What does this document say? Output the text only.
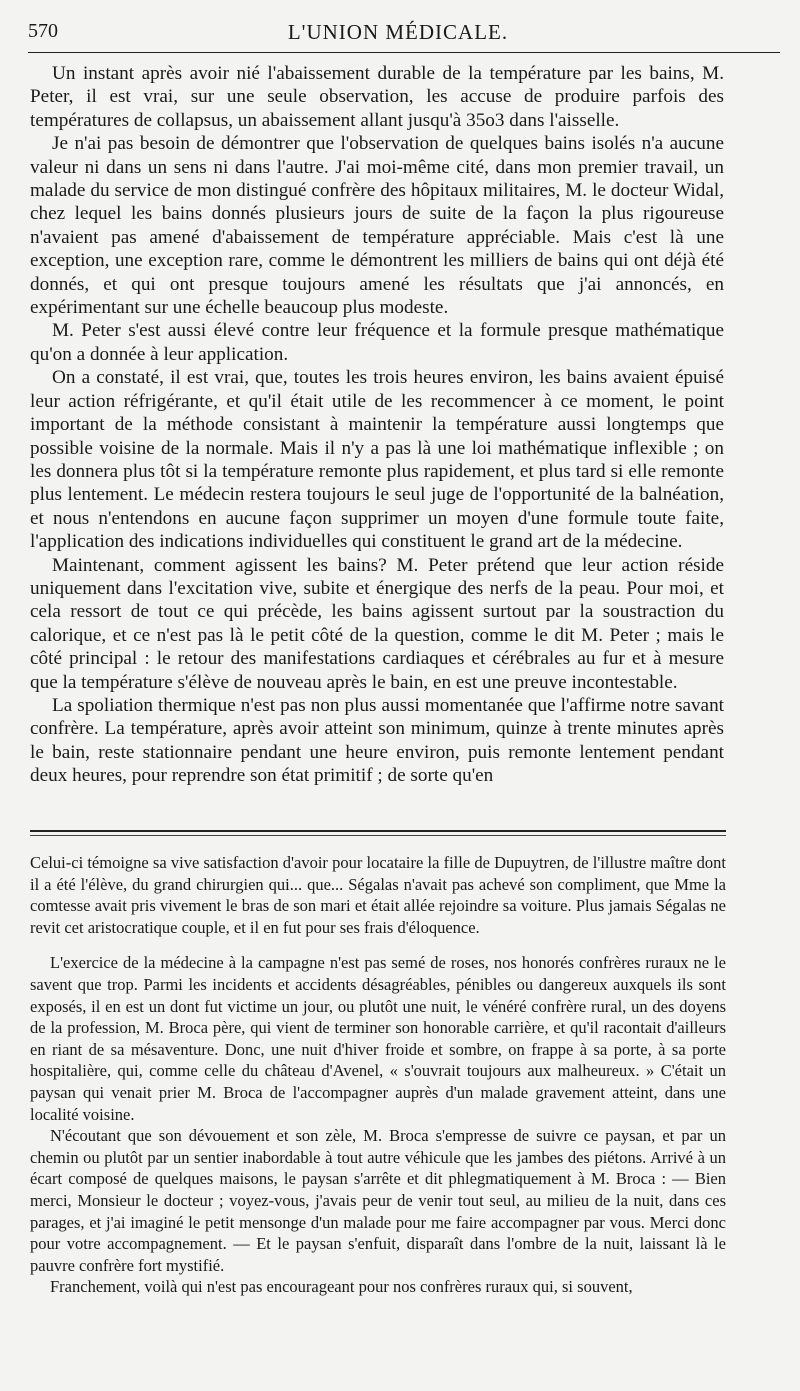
570	L'UNION MÉDICALE.

Un instant après avoir nié l'abaissement durable de la température par les bains, M. Peter, il est vrai, sur une seule observation, les accuse de produire parfois des températures de collapsus, un abaissement allant jusqu'à 35o3 dans l'aisselle.

Je n'ai pas besoin de démontrer que l'observation de quelques bains isolés n'a aucune valeur ni dans un sens ni dans l'autre. J'ai moi-même cité, dans mon premier travail, un malade du service de mon distingué confrère des hôpitaux militaires, M. le docteur Widal, chez lequel les bains donnés plusieurs jours de suite de la façon la plus rigoureuse n'avaient pas amené d'abaissement de température appréciable. Mais c'est là une exception, une exception rare, comme le démontrent les milliers de bains qui ont déjà été donnés, et qui ont presque toujours amené les résultats que j'ai annoncés, en expérimentant sur une échelle beaucoup plus modeste.

M. Peter s'est aussi élevé contre leur fréquence et la formule presque mathématique qu'on a donnée à leur application.

On a constaté, il est vrai, que, toutes les trois heures environ, les bains avaient épuisé leur action réfrigérante, et qu'il était utile de les recommencer à ce moment, le point important de la méthode consistant à maintenir la température aussi longtemps que possible voisine de la normale. Mais il n'y a pas là une loi mathématique inflexible ; on les donnera plus tôt si la température remonte plus rapidement, et plus tard si elle remonte plus lentement. Le médecin restera toujours le seul juge de l'opportunité de la balnéation, et nous n'entendons en aucune façon supprimer un moyen d'une formule toute faite, l'application des indications individuelles qui constituent le grand art de la médecine.

Maintenant, comment agissent les bains? M. Peter prétend que leur action réside uniquement dans l'excitation vive, subite et énergique des nerfs de la peau. Pour moi, et cela ressort de tout ce qui précède, les bains agissent surtout par la soustraction du calorique, et ce n'est pas là le petit côté de la question, comme le dit M. Peter ; mais le côté principal : le retour des manifestations cardiaques et cérébrales au fur et à mesure que la température s'élève de nouveau après le bain, en est une preuve incontestable.

La spoliation thermique n'est pas non plus aussi momentanée que l'affirme notre savant confrère. La température, après avoir atteint son minimum, quinze à trente minutes après le bain, reste stationnaire pendant une heure environ, puis remonte lentement pendant deux heures, pour reprendre son état primitif ; de sorte qu'en

Celui-ci témoigne sa vive satisfaction d'avoir pour locataire la fille de Dupuytren, de l'illustre maître dont il a été l'élève, du grand chirurgien qui... que... Ségalas n'avait pas achevé son compliment, que Mme la comtesse avait pris vivement le bras de son mari et était allée rejoindre sa voiture. Plus jamais Ségalas ne revit cet aristocratique couple, et il en fut pour ses frais d'éloquence.

L'exercice de la médecine à la campagne n'est pas semé de roses, nos honorés confrères ruraux ne le savent que trop. Parmi les incidents et accidents désagréables, pénibles ou dangereux auxquels ils sont exposés, il en est un dont fut victime un jour, ou plutôt une nuit, le vénéré confrère rural, un des doyens de la profession, M. Broca père, qui vient de terminer son honorable carrière, et qu'il racontait d'ailleurs en riant de sa mésaventure. Donc, une nuit d'hiver froide et sombre, on frappe à sa porte, à sa porte hospitalière, qui, comme celle du château d'Avenel, « s'ouvrait toujours aux malheureux. » C'était un paysan qui venait prier M. Broca de l'accompagner auprès d'un malade gravement atteint, dans une localité voisine.

N'écoutant que son dévouement et son zèle, M. Broca s'empresse de suivre ce paysan, et par un chemin ou plutôt par un sentier inabordable à tout autre véhicule que les jambes des piétons. Arrivé à un écart composé de quelques maisons, le paysan s'arrête et dit phlegmatiquement à M. Broca : — Bien merci, Monsieur le docteur ; voyez-vous, j'avais peur de venir tout seul, au milieu de la nuit, dans ces parages, et j'ai imaginé le petit mensonge d'un malade pour me faire accompagner par vous. Merci donc pour votre accompagnement. — Et le paysan s'enfuit, disparaît dans l'ombre de la nuit, laissant là le pauvre confrère fort mystifié.

Franchement, voilà qui n'est pas encourageant pour nos confrères ruraux qui, si souvent,
